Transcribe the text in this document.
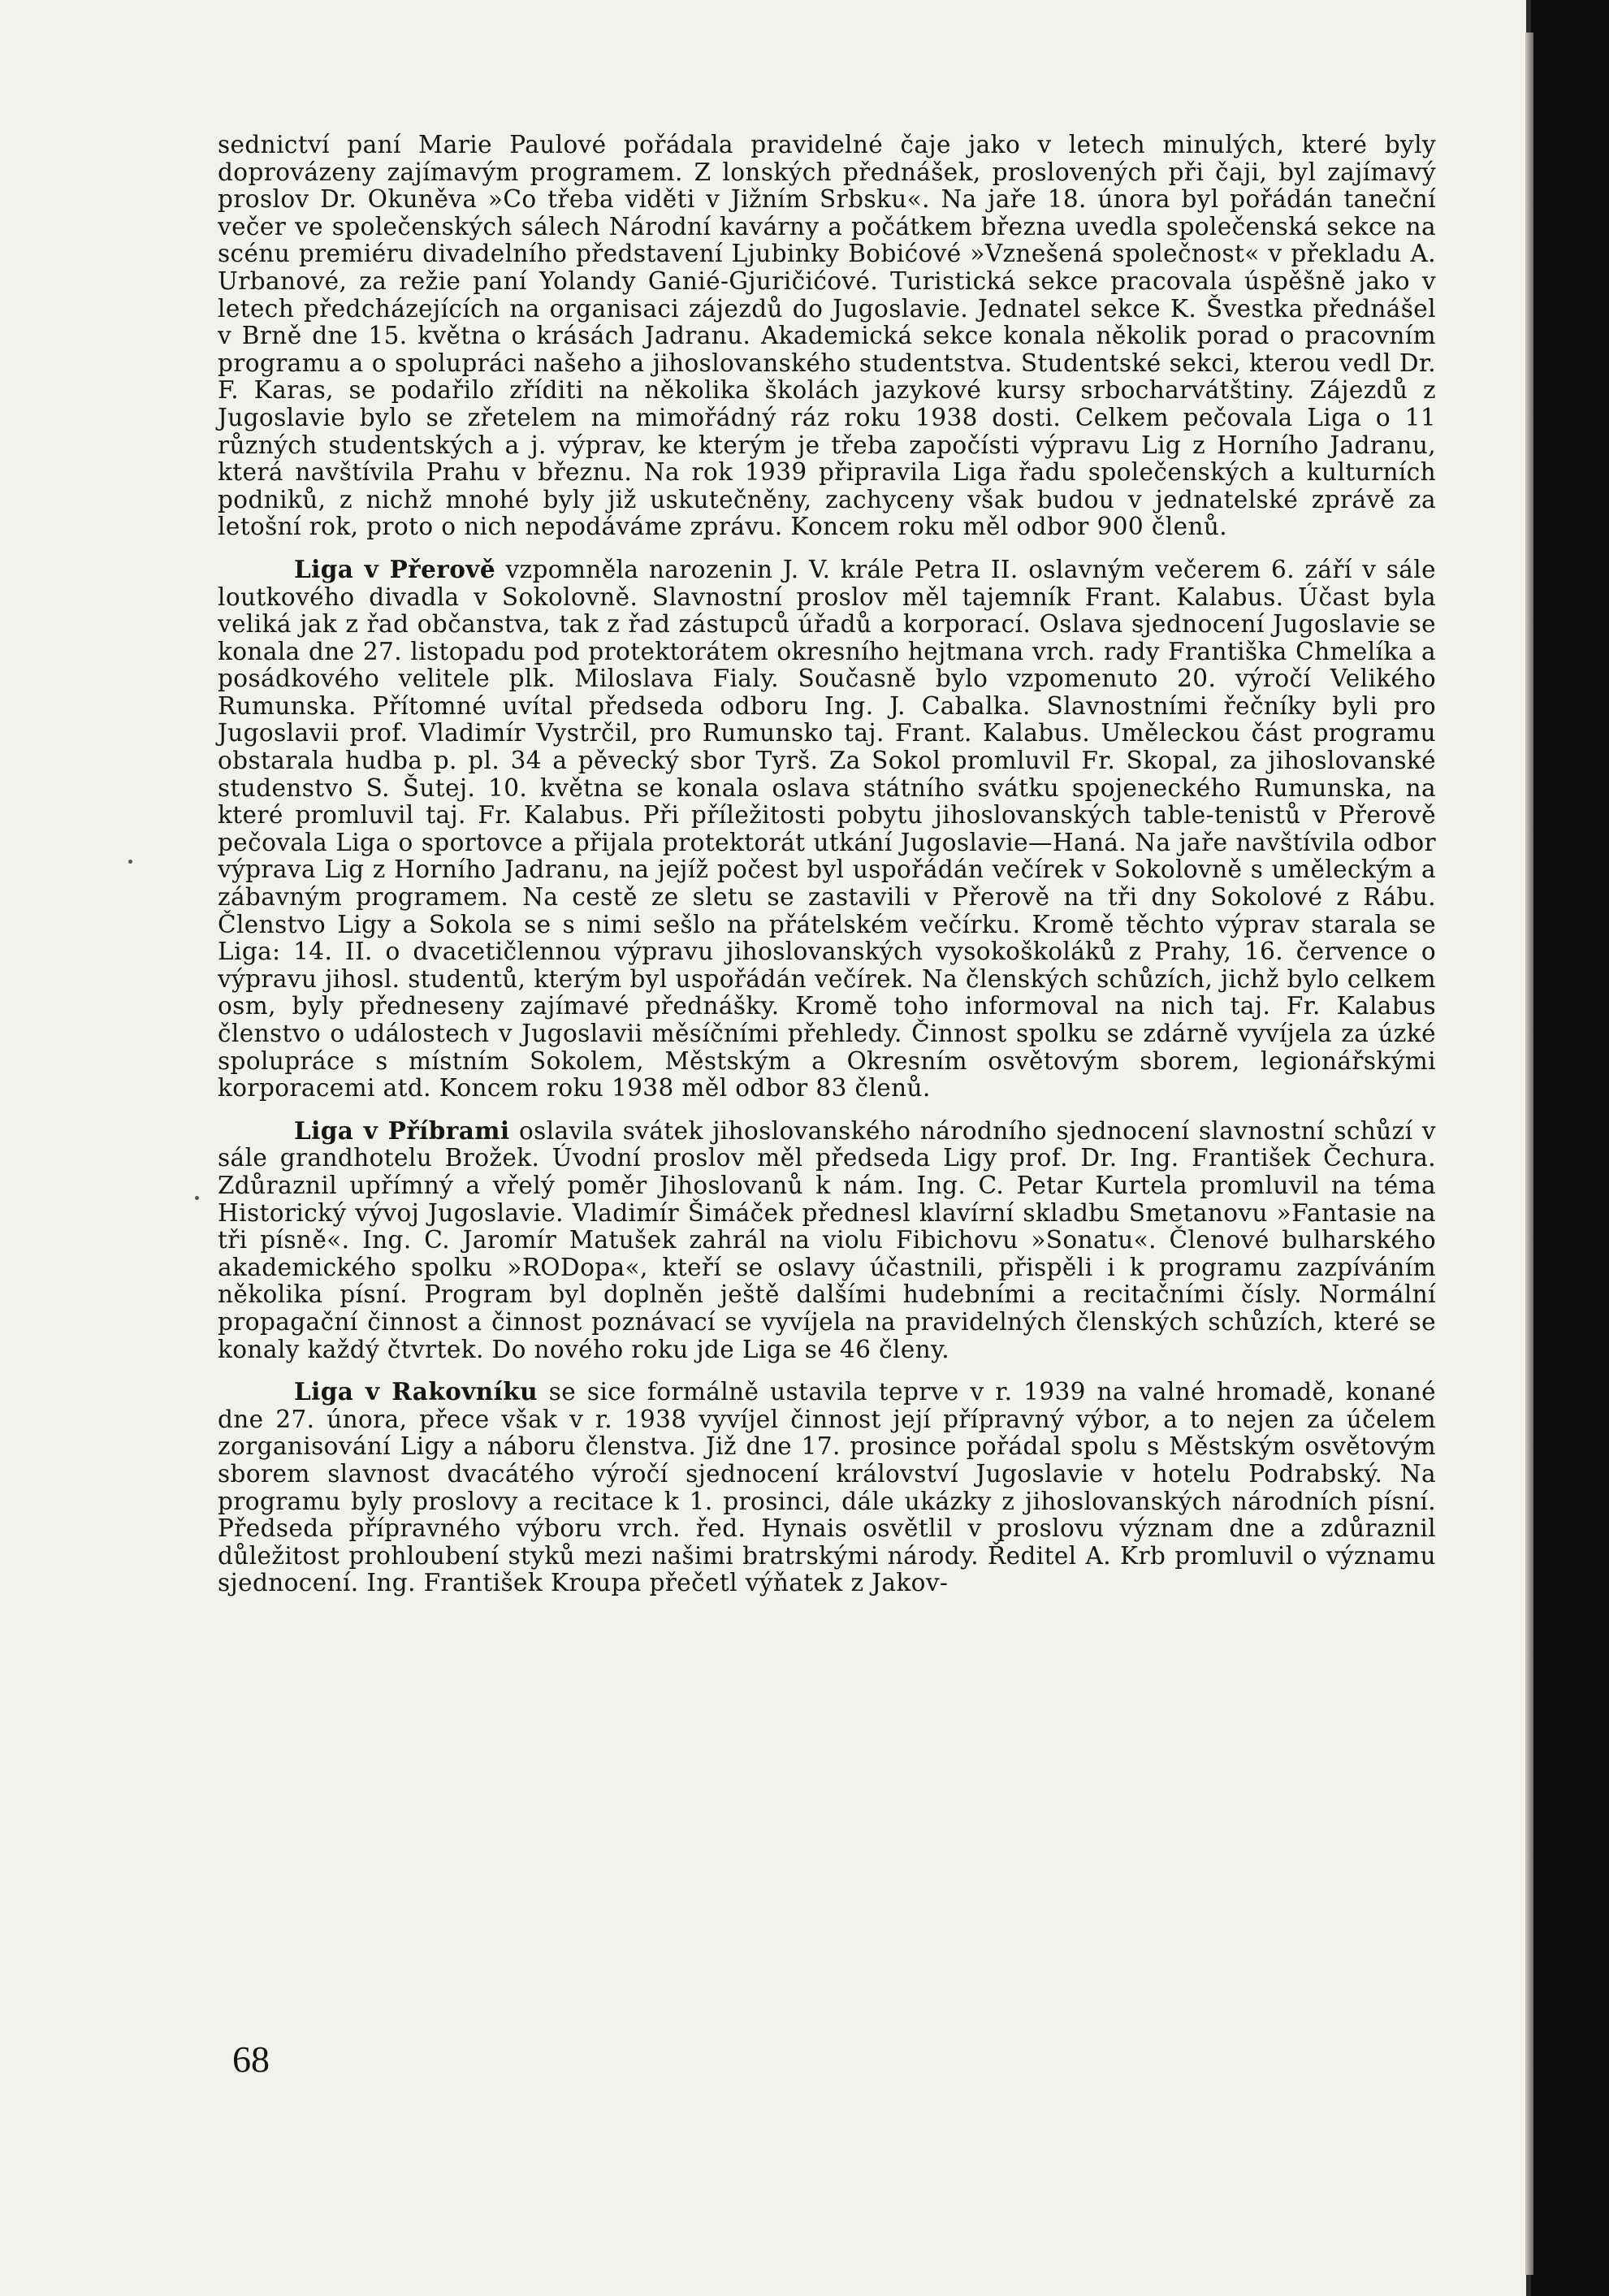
sednictví paní Marie Paulové pořádala pravidelné čaje jako v letech minulých, které byly doprovázeny zajímavým programem. Z lonských přednášek, proslovených při čaji, byl zajímavý proslov Dr. Okuněva »Co třeba viděti v Jižním Srbsku«. Na jaře 18. února byl pořádán taneční večer ve společenských sálech Národní kavárny a počátkem března uvedla společenská sekce na scénu premiéru divadelního představení Ljubinky Bobićové »Vznešená společnost« v překladu A. Urbanové, za režie paní Yolandy Ganié-Gjuričićové. Turistická sekce pracovala úspěšně jako v letech předcházejících na organisaci zájezdů do Jugoslavie. Jednatel sekce K. Švestka přednášel v Brně dne 15. května o krásách Jadranu. Akademická sekce konala několik porad o pracovním programu a o spolupráci našeho a jihoslovanského studentstva. Studentské sekci, kterou vedl Dr. F. Karas, se podařilo zříditi na několika školách jazykové kursy srbocharvátštiny. Zájezdů z Jugoslavie bylo se zřetelem na mimořádný ráz roku 1938 dosti. Celkem pečovala Liga o 11 různých studentských a j. výprav, ke kterým je třeba započísti výpravu Lig z Horního Jadranu, která navštívila Prahu v březnu. Na rok 1939 připravila Liga řadu společenských a kulturních podniků, z nichž mnohé byly již uskutečněny, zachyceny však budou v jednatelské zprávě za letošní rok, proto o nich nepodáváme zprávu. Koncem roku měl odbor 900 členů.

Liga v Přerově vzpomněla narozenin J. V. krále Petra II. oslavným večerem 6. září v sále loutkového divadla v Sokolovně. Slavnostní proslov měl tajemník Frant. Kalabus. Účast byla veliká jak z řad občanstva, tak z řad zástupců úřadů a korporací. Oslava sjednocení Jugoslavie se konala dne 27. listopadu pod protektorátem okresního hejtmana vrch. rady Františka Chmelíka a posádkového velitele plk. Miloslava Fialy. Současně bylo vzpomenuto 20. výročí Velikého Rumunska. Přítomné uvítal předseda odboru Ing. J. Cabalka. Slavnostními řečníky byli pro Jugoslavii prof. Vladimír Vystrčil, pro Rumunsko taj. Frant. Kalabus. Uměleckou část programu obstarala hudba p. pl. 34 a pěvecký sbor Tyrš. Za Sokol promluvil Fr. Skopal, za jihoslovanské studenstvo S. Šutej. 10. května se konala oslava státního svátku spojeneckého Rumunska, na které promluvil taj. Fr. Kalabus. Při příležitosti pobytu jihoslovanských table-tenistů v Přerově pečovala Liga o sportovce a přijala protektorát utkání Jugoslavie—Haná. Na jaře navštívila odbor výprava Lig z Horního Jadranu, na jejíž počest byl uspořádán večírek v Sokolovně s uměleckým a zábavným programem. Na cestě ze sletu se zastavili v Přerově na tři dny Sokolové z Rábu. Členstvo Ligy a Sokola se s nimi sešlo na přátelském večírku. Kromě těchto výprav starala se Liga: 14. II. o dvacetičlennou výpravu jihoslovanských vysokoškoláků z Prahy, 16. července o výpravu jihosl. studentů, kterým byl uspořádán večírek. Na členských schůzích, jichž bylo celkem osm, byly předneseny zajímavé přednášky. Kromě toho informoval na nich taj. Fr. Kalabus členstvo o událostech v Jugoslavii měsíčními přehledy. Činnost spolku se zdárně vyvíjela za úzké spolupráce s místním Sokolem, Městským a Okresním osvětovým sborem, legionářskými korporacemi atd. Koncem roku 1938 měl odbor 83 členů.

Liga v Příbrami oslavila svátek jihoslovanského národního sjednocení slavnostní schůzí v sále grandhotelu Brožek. Úvodní proslov měl předseda Ligy prof. Dr. Ing. František Čechura. Zdůraznil upřímný a vřelý poměr Jihoslovanů k nám. Ing. C. Petar Kurtela promluvil na téma Historický vývoj Jugoslavie. Vladimír Šimáček přednesl klavírní skladbu Smetanovu »Fantasie na tři písně«. Ing. C. Jaromír Matušek zahrál na violu Fibichovu »Sonatu«. Členové bulharského akademického spolku »RODopa«, kteří se oslavy účastnili, přispěli i k programu zazpíváním několika písní. Program byl doplněn ještě dalšími hudebními a recitačními čísly. Normální propagační činnost a činnost poznávací se vyvíjela na pravidelných členských schůzích, které se konaly každý čtvrtek. Do nového roku jde Liga se 46 členy.

Liga v Rakovníku se sice formálně ustavila teprve v r. 1939 na valné hromadě, konané dne 27. února, přece však v r. 1938 vyvíjel činnost její přípravný výbor, a to nejen za účelem zorganisování Ligy a náboru členstva. Již dne 17. prosince pořádal spolu s Městským osvětovým sborem slavnost dvacátého výročí sjednocení království Jugoslavie v hotelu Podrabský. Na programu byly proslovy a recitace k 1. prosinci, dále ukázky z jihoslovanských národních písní. Předseda přípravného výboru vrch. řed. Hynais osvětlil v proslovu význam dne a zdůraznil důležitost prohloubení styků mezi našimi bratrskými národy. Ředitel A. Krb promluvil o významu sjednocení. Ing. František Kroupa přečetl výňatek z Jakov-

68
